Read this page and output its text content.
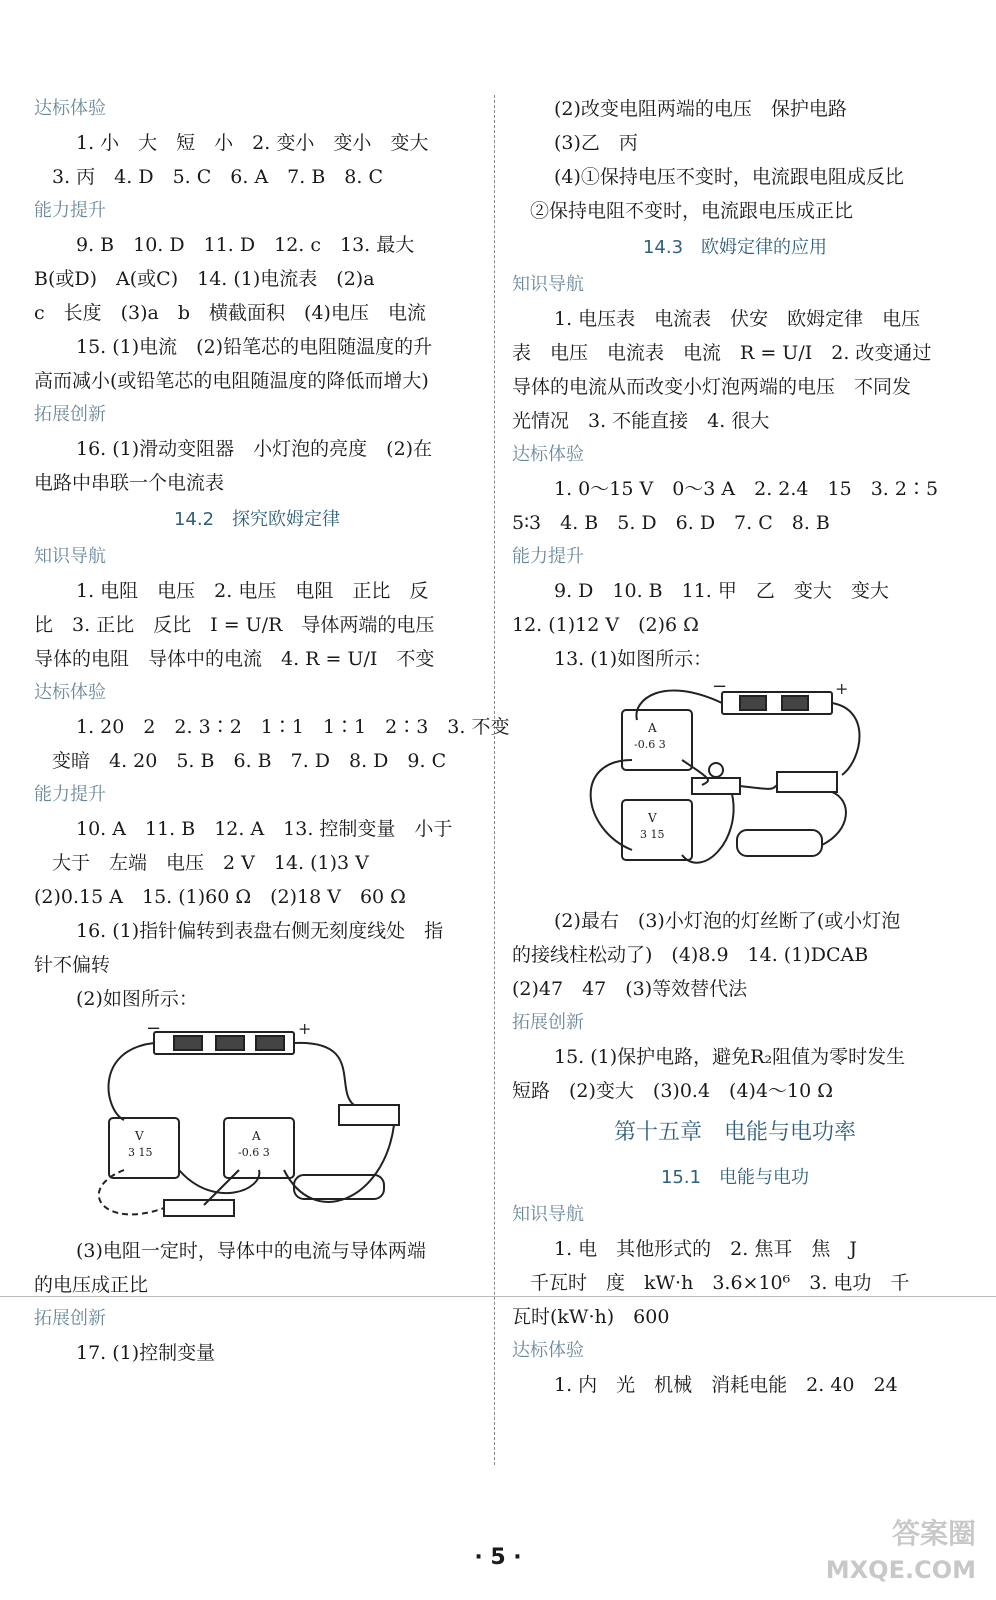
达标体验

1. 小　大　短　小　2. 变小　变小　变大

3. 丙　4. D　5. C　6. A　7. B　8. C

能力提升

9. B　10. D　11. D　12. c　13. 最大

B(或D)　A(或C)　14. (1)电流表　(2)a

c　长度　(3)a　b　横截面积　(4)电压　电流

15. (1)电流　(2)铅笔芯的电阻随温度的升

高而减小(或铅笔芯的电阻随温度的降低而增大)

拓展创新

16. (1)滑动变阻器　小灯泡的亮度　(2)在

电路中串联一个电流表

14.2　探究欧姆定律

知识导航

1. 电阻　电压　2. 电压　电阻　正比　反

比　3. 正比　反比　I = U/R　导体两端的电压

导体的电阻　导体中的电流　4. R = U/I　不变

达标体验

1. 20　2　2. 3∶2　1∶1　1∶1　2∶3　3. 不变

变暗　4. 20　5. B　6. B　7. D　8. D　9. C

能力提升

10. A　11. B　12. A　13. 控制变量　小于

大于　左端　电压　2 V　14. (1)3 V

(2)0.15 A　15. (1)60 Ω　(2)18 V　60 Ω

16. (1)指针偏转到表盘右侧无刻度线处　指

针不偏转

(2)如图所示：

−	+
V
3 15
A
-0.6 3

(3)电阻一定时，导体中的电流与导体两端

的电压成正比

拓展创新

17. (1)控制变量

(2)改变电阻两端的电压　保护电路

(3)乙　丙

(4)①保持电压不变时，电流跟电阻成反比

②保持电阻不变时，电流跟电压成正比

14.3　欧姆定律的应用

知识导航

1. 电压表　电流表　伏安　欧姆定律　电压

表　电压　电流表　电流　R = U/I　2. 改变通过

导体的电流从而改变小灯泡两端的电压　不同发

光情况　3. 不能直接　4. 很大

达标体验

1. 0～15 V　0～3 A　2. 2.4　15　3. 2∶5

5∶3　4. B　5. D　6. D　7. C　8. B

能力提升

9. D　10. B　11. 甲　乙　变大　变大

12. (1)12 V　(2)6 Ω

13. (1)如图所示：

−	+
A
-0.6 3
V
3 15

(2)最右　(3)小灯泡的灯丝断了(或小灯泡

的接线柱松动了)　(4)8.9　14. (1)DCAB

(2)47　47　(3)等效替代法

拓展创新

15. (1)保护电路，避免R₂阻值为零时发生

短路　(2)变大　(3)0.4　(4)4～10 Ω

第十五章　电能与电功率

15.1　电能与电功

知识导航

1. 电　其他形式的　2. 焦耳　焦　J

千瓦时　度　kW·h　3.6×10⁶　3. 电功　千

瓦时(kW·h)　600

达标体验

1. 内　光　机械　消耗电能　2. 40　24

· 5 ·
答案圈
MXQE.COM
